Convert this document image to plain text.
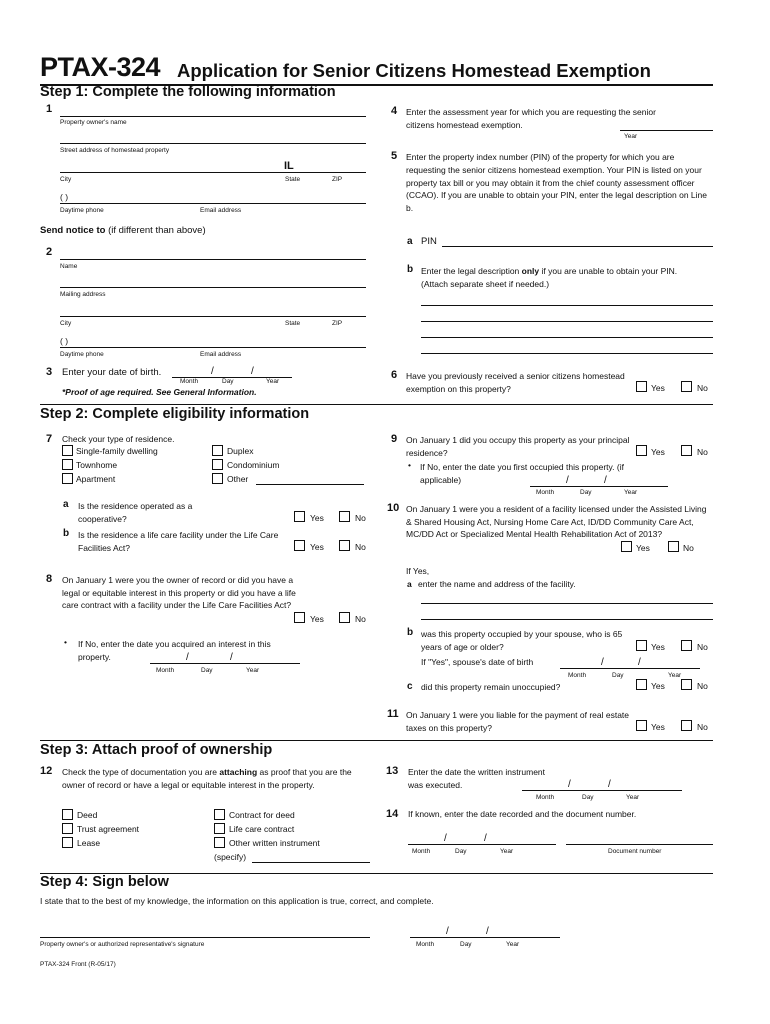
PTAX-324 Application for Senior Citizens Homestead Exemption
Step 1: Complete the following information
1
Property owner's name
Street address of homestead property
IL
City	State	ZIP
( )
Daytime phone	Email address
Send notice to (if different than above)
2
Name
Mailing address
City	State	ZIP
( )
Daytime phone	Email address
3 Enter your date of birth.	/	/
Month	Day	Year
*Proof of age required. See General Information.
4 Enter the assessment year for which you are requesting the senior citizens homestead exemption.
Year
5 Enter the property index number (PIN) of the property for which you are requesting the senior citizens homestead exemption. Your PIN is listed on your property tax bill or you may obtain it from the chief county assessment officer (CCAO). If you are unable to obtain your PIN, enter the legal description on Line b.
a PIN
b Enter the legal description only if you are unable to obtain your PIN. (Attach separate sheet if needed.)
6 Have you previously received a senior citizens homestead exemption on this property?	Yes	No
Step 2: Complete eligibility information
7 Check your type of residence.
Single-family dwelling
Townhome
Apartment
Duplex
Condominium
Other
a Is the residence operated as a cooperative?	Yes	No
b Is the residence a life care facility under the Life Care Facilities Act?	Yes	No
8 On January 1 were you the owner of record or did you have a legal or equitable interest in this property or did you have a life care contract with a facility under the Life Care Facilities Act?
Yes	No
• If No, enter the date you acquired an interest in this property.	/	/
Month	Day	Year
9 On January 1 did you occupy this property as your principal residence?	Yes	No
• If No, enter the date you first occupied this property. (if applicable)	/	/
Month	Day	Year
10 On January 1 were you a resident of a facility licensed under the Assisted Living & Shared Housing Act, Nursing Home Care Act, ID/DD Community Care Act, MC/DD Act or Specialized Mental Health Rehabilitation Act of 2013?
Yes	No
If Yes,
a enter the name and address of the facility.
b was this property occupied by your spouse, who is 65 years of age or older?	Yes	No
If "Yes", spouse's date of birth	/	/
Month	Day	Year
c did this property remain unoccupied?	Yes	No
11 On January 1 were you liable for the payment of real estate taxes on this property?	Yes	No
Step 3: Attach proof of ownership
12 Check the type of documentation you are attaching as proof that you are the owner of record or have a legal or equitable interest in the property.
Deed
Trust agreement
Lease
Contract for deed
Life care contract
Other written instrument
(specify)
13 Enter the date the written instrument was executed.	/	/
Month	Day	Year
14 If known, enter the date recorded and the document number.
/	/
Month	Day	Year	Document number
Step 4: Sign below
I state that to the best of my knowledge, the information on this application is true, correct, and complete.
Property owner's or authorized representative's signature
/	/
Month	Day	Year
PTAX-324 Front (R-05/17)
